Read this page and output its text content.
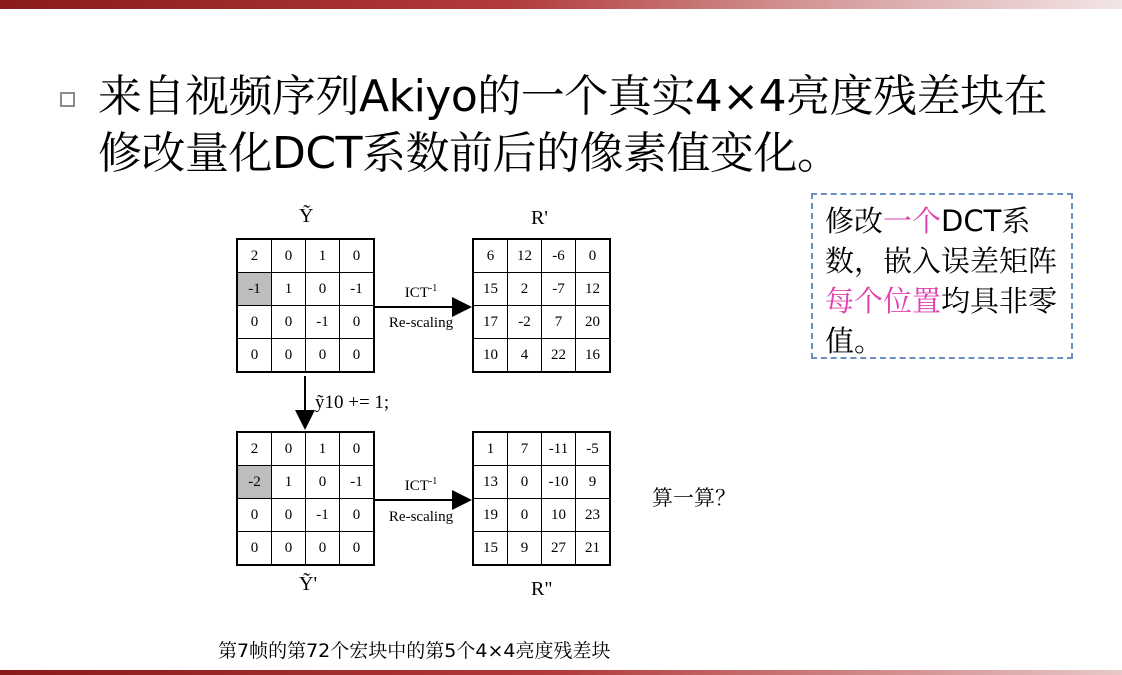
来自视频序列Akiyo的一个真实4×4亮度残差块在
修改量化DCT系数前后的像素值变化。
Ỹ	R'
Ỹ'	R"
2	0	1	0
-1	1	0	-1
0	0	-1	0
0	0	0	0
6	12	-6	0
15	2	-7	12
17	-2	7	20
10	4	22	16
2	0	1	0
-2	1	0	-1
0	0	-1	0
0	0	0	0
1	7	-11	-5
13	0	-10	9
19	0	10	23
15	9	27	21
$ICT^{-1}$
Re-scaling
$ICT^{-1}$
Re-scaling
ỹ10 += 1;
修改一个DCT系数，嵌入误差矩阵每个位置均具非零值。
算一算？
第7帧的第72个宏块中的第5个4×4亮度残差块
